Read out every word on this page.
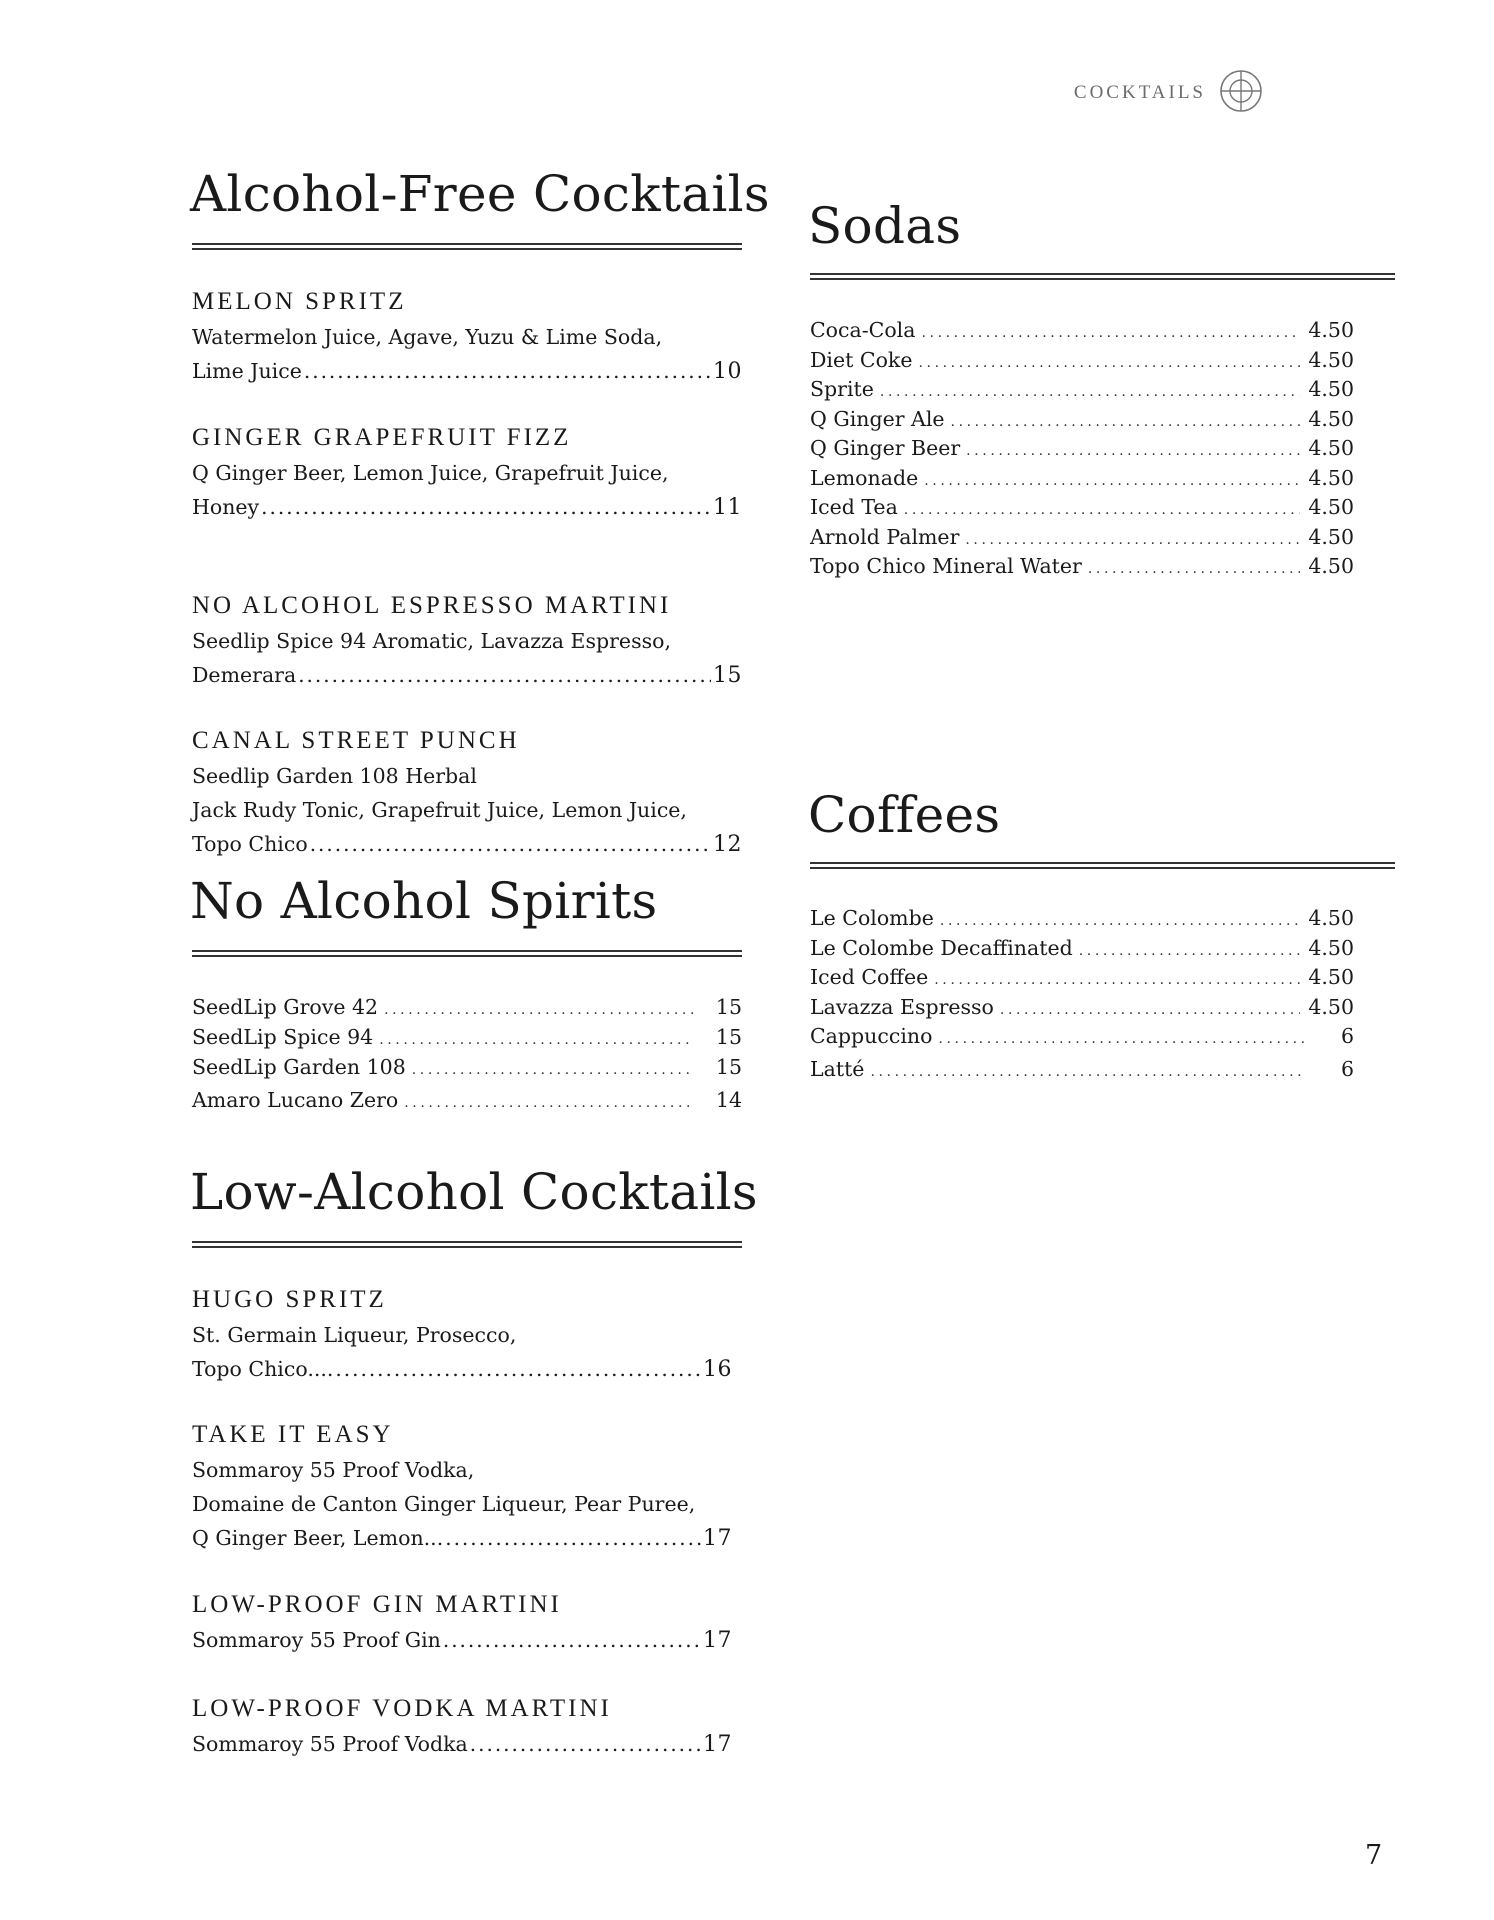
COCKTAILS
Alcohol-Free Cocktails
MELON SPRITZ
Watermelon Juice, Agave, Yuzu & Lime Soda,
Lime Juice .....	10
GINGER GRAPEFRUIT FIZZ
Q Ginger Beer, Lemon Juice, Grapefruit Juice,
Honey .....	11
NO ALCOHOL ESPRESSO MARTINI
Seedlip Spice 94 Aromatic, Lavazza Espresso,
Demerara .....	15
CANAL STREET PUNCH
Seedlip Garden 108 Herbal
Jack Rudy Tonic, Grapefruit Juice, Lemon Juice,
Topo Chico .....	12
No Alcohol Spirits
SeedLip Grove 42 .....	15
SeedLip Spice 94 .....	15
SeedLip Garden 108 .....	15
Amaro Lucano Zero .....	14
Low-Alcohol Cocktails
HUGO SPRITZ
St. Germain Liqueur, Prosecco,
Topo Chico.... .....	16
TAKE IT EASY
Sommaroy 55 Proof Vodka,
Domaine de Canton Ginger Liqueur, Pear Puree,
Q Ginger Beer, Lemon... .....	17
LOW-PROOF GIN MARTINI
Sommaroy 55 Proof Gin .....	17
LOW-PROOF VODKA MARTINI
Sommaroy 55 Proof Vodka .....	17
Sodas
Coca-Cola .....	4.50
Diet Coke .....	4.50
Sprite .....	4.50
Q Ginger Ale .....	4.50
Q Ginger Beer .....	4.50
Lemonade .....	4.50
Iced Tea .....	4.50
Arnold Palmer .....	4.50
Topo Chico Mineral Water .....	4.50
Coffees
Le Colombe .....	4.50
Le Colombe Decaffinated .....	4.50
Iced Coffee .....	4.50
Lavazza Espresso .....	4.50
Cappuccino .....	6
Latté .....	6
7
